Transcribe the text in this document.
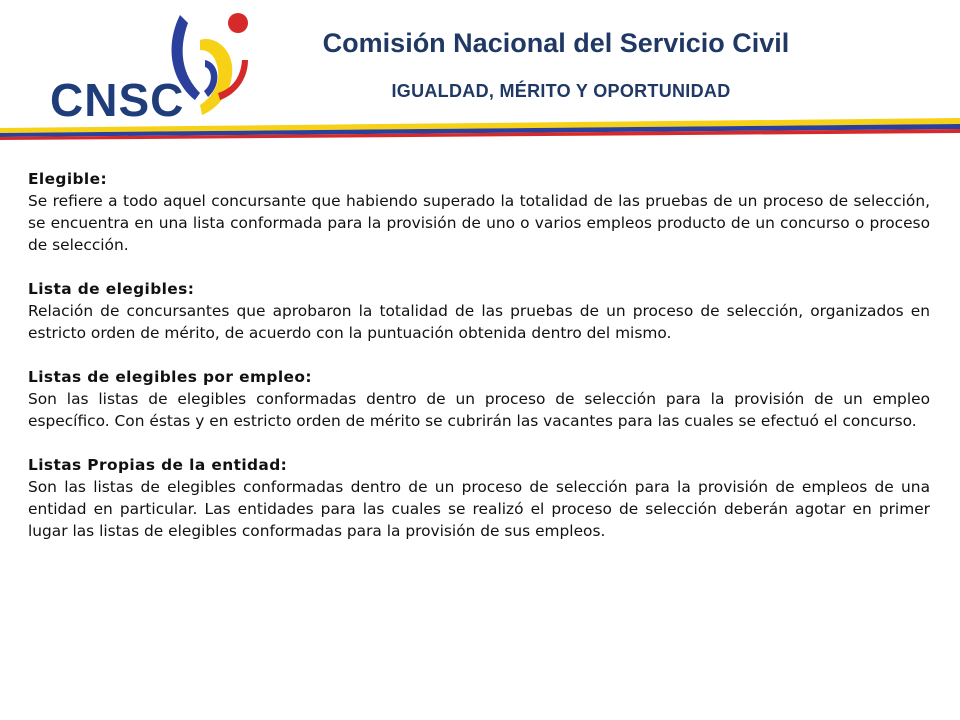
CNSC
Comisión Nacional del Servicio Civil
IGUALDAD, MÉRITO Y OPORTUNIDAD
Elegible:
Se refiere a todo aquel concursante que habiendo superado la totalidad de las pruebas de un proceso de selección, se encuentra en una lista conformada para la provisión de uno o varios empleos producto de un concurso o proceso de selección.
Lista de elegibles:
Relación de concursantes que aprobaron la totalidad de las pruebas de un proceso de selección, organizados en estricto orden de mérito, de acuerdo con la puntuación obtenida dentro del mismo.
Listas de elegibles por empleo:
Son las listas de elegibles conformadas dentro de un proceso de selección para la provisión de un empleo específico. Con éstas y en estricto orden de mérito se cubrirán las vacantes para las cuales se efectuó el concurso.
Listas Propias de la entidad:
Son las listas de elegibles conformadas dentro de un proceso de selección para la provisión de empleos de una entidad en particular. Las entidades para las cuales se realizó el proceso de selección deberán agotar en primer lugar las listas de elegibles conformadas para la provisión de sus empleos.
